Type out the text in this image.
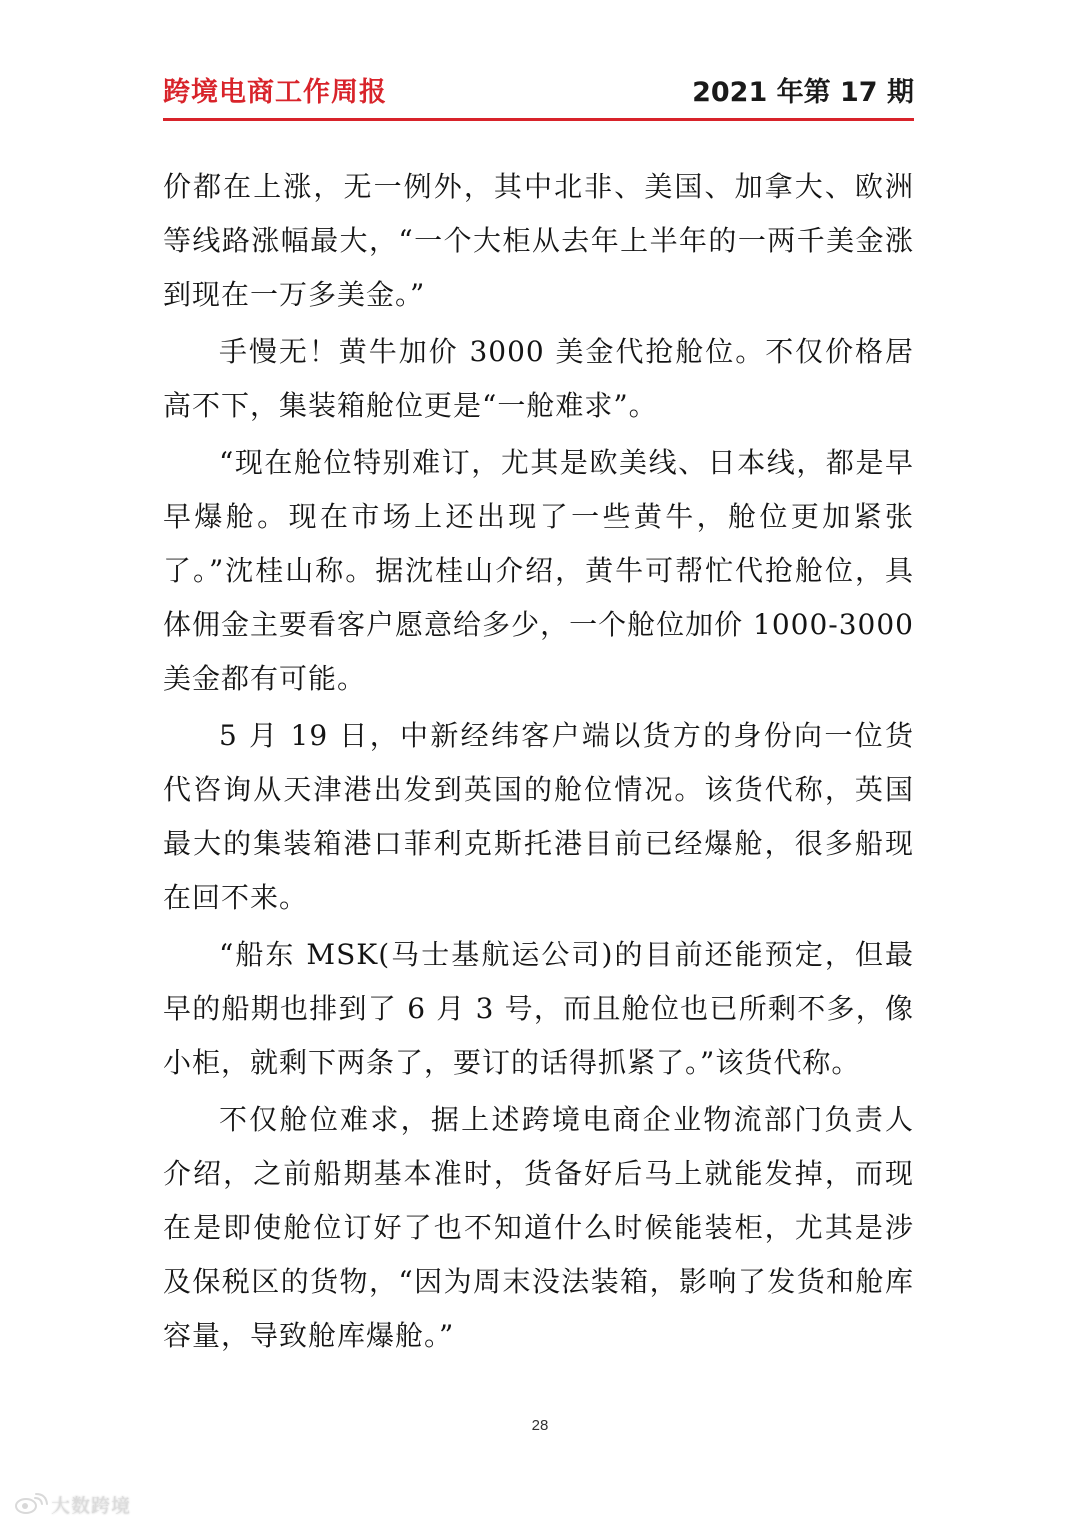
跨境电商工作周报	2021 年第 17 期

价都在上涨，无一例外，其中北非、美国、加拿大、欧洲等线路涨幅最大，“一个大柜从去年上半年的一两千美金涨到现在一万多美金。”

手慢无！黄牛加价 3000 美金代抢舱位。不仅价格居高不下，集装箱舱位更是“一舱难求”。

“现在舱位特别难订，尤其是欧美线、日本线，都是早早爆舱。现在市场上还出现了一些黄牛，舱位更加紧张了。”沈桂山称。据沈桂山介绍，黄牛可帮忙代抢舱位，具体佣金主要看客户愿意给多少，一个舱位加价 1000-3000 美金都有可能。

5 月 19 日，中新经纬客户端以货方的身份向一位货代咨询从天津港出发到英国的舱位情况。该货代称，英国最大的集装箱港口菲利克斯托港目前已经爆舱，很多船现在回不来。

“船东 MSK(马士基航运公司)的目前还能预定，但最早的船期也排到了 6 月 3 号，而且舱位也已所剩不多，像小柜，就剩下两条了，要订的话得抓紧了。”该货代称。

不仅舱位难求，据上述跨境电商企业物流部门负责人介绍，之前船期基本准时，货备好后马上就能发掉，而现在是即使舱位订好了也不知道什么时候能装柜，尤其是涉及保税区的货物，“因为周末没法装箱，影响了发货和舱库容量，导致舱库爆舱。”

28
大数跨境
